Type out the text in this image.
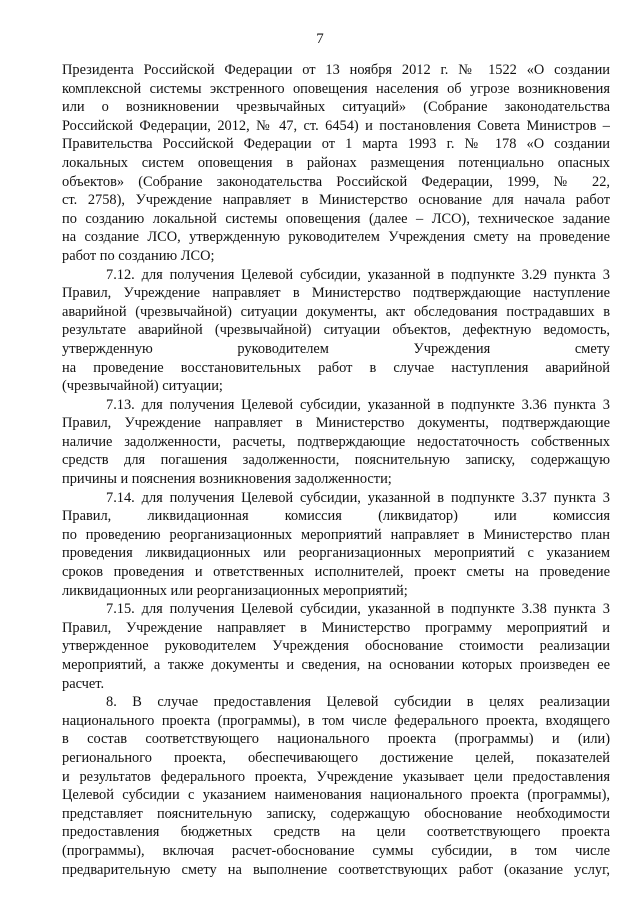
7
Президента Российской Федерации от 13 ноября 2012 г. № 1522 «О создании
комплексной системы экстренного оповещения населения об угрозе возникновения
или о возникновении чрезвычайных ситуаций» (Собрание законодательства
Российской Федерации, 2012, № 47, ст. 6454) и постановления Совета Министров –
Правительства Российской Федерации от 1 марта 1993 г. № 178 «О создании
локальных систем оповещения в районах размещения потенциально опасных
объектов» (Собрание законодательства Российской Федерации, 1999, № 22,
ст. 2758), Учреждение направляет в Министерство основание для начала работ
по созданию локальной системы оповещения (далее – ЛСО), техническое задание
на создание ЛСО, утвержденную руководителем Учреждения смету на проведение
работ по созданию ЛСО;
7.12. для получения Целевой субсидии, указанной в подпункте 3.29 пункта 3
Правил, Учреждение направляет в Министерство подтверждающие наступление
аварийной (чрезвычайной) ситуации документы, акт обследования пострадавших в
результате аварийной (чрезвычайной) ситуации объектов, дефектную ведомость,
утвержденную руководителем Учреждения смету
на проведение восстановительных работ в случае наступления аварийной
(чрезвычайной) ситуации;
7.13. для получения Целевой субсидии, указанной в подпункте 3.36 пункта 3
Правил, Учреждение направляет в Министерство документы, подтверждающие
наличие задолженности, расчеты, подтверждающие недостаточность собственных
средств для погашения задолженности, пояснительную записку, содержащую
причины и пояснения возникновения задолженности;
7.14. для получения Целевой субсидии, указанной в подпункте 3.37 пункта 3
Правил, ликвидационная комиссия (ликвидатор) или комиссия
по проведению реорганизационных мероприятий направляет в Министерство план
проведения ликвидационных или реорганизационных мероприятий с указанием
сроков проведения и ответственных исполнителей, проект сметы на проведение
ликвидационных или реорганизационных мероприятий;
7.15. для получения Целевой субсидии, указанной в подпункте 3.38 пункта 3
Правил, Учреждение направляет в Министерство программу мероприятий и
утвержденное руководителем Учреждения обоснование стоимости реализации
мероприятий, а также документы и сведения, на основании которых произведен ее
расчет.
8. В случае предоставления Целевой субсидии в целях реализации
национального проекта (программы), в том числе федерального проекта, входящего
в состав соответствующего национального проекта (программы) и (или)
регионального проекта, обеспечивающего достижение целей, показателей
и результатов федерального проекта, Учреждение указывает цели предоставления
Целевой субсидии с указанием наименования национального проекта (программы),
представляет пояснительную записку, содержащую обоснование необходимости
предоставления бюджетных средств на цели соответствующего проекта
(программы), включая расчет-обоснование суммы субсидии, в том числе
предварительную смету на выполнение соответствующих работ (оказание услуг,
